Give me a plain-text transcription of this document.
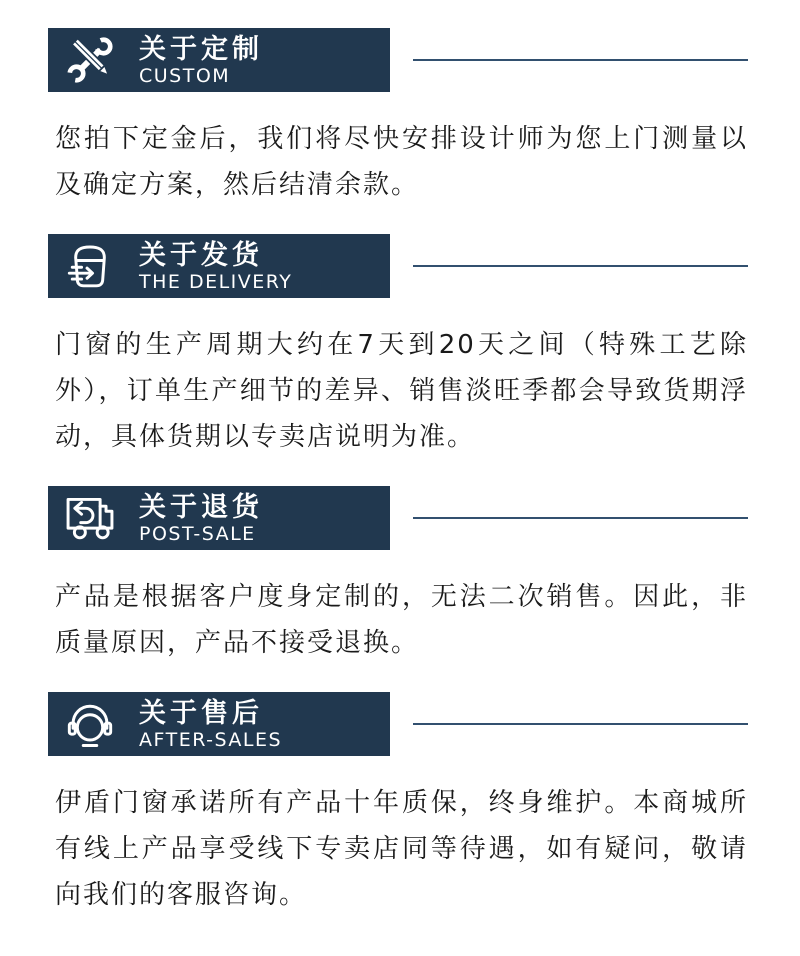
关于定制
CUSTOM

您拍下定金后，我们将尽快安排设计师为您上门测量以及确定方案，然后结清余款。

关于发货
THE DELIVERY

门窗的生产周期大约在7天到20天之间（特殊工艺除外），订单生产细节的差异、销售淡旺季都会导致货期浮动，具体货期以专卖店说明为准。

关于退货
POST-SALE

产品是根据客户度身定制的，无法二次销售。因此，非质量原因，产品不接受退换。

关于售后
AFTER-SALES

伊盾门窗承诺所有产品十年质保，终身维护。本商城所有线上产品享受线下专卖店同等待遇，如有疑问，敬请向我们的客服咨询。
